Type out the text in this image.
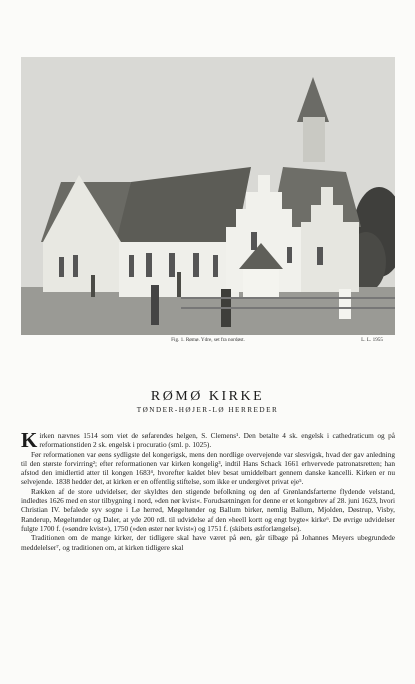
Fig. 1. Rømø. Ydre, set fra nordøst.	L. L. 1955
RØMØ KIRKE
TØNDER-HØJER-LØ HERREDER

Kirken nævnes 1514 som viet de søfarendes helgen, S. Clemens¹. Den betalte 4 sk. engelsk i cathedraticum og på reformationstiden 2 sk. engelsk i procuratio (sml. p. 1025).

Før reformationen var øens sydligste del kongerigsk, mens den nordlige overvejende var slesvigsk, hvad der gav anledning til den største forvirring²; efter reformationen var kirken kongelig³, indtil Hans Schack 1661 erhvervede patronatsretten; han afstod den imidlertid atter til kongen 1683⁴, hvorefter kaldet blev besat umiddelbart gennem danske kancelli. Kirken er nu selvejende. 1838 hedder det, at kirken er en offentlig stiftelse, som ikke er undergivet privat eje⁵.

Rækken af de store udvidelser, der skyldtes den stigende befolkning og den af Grønlandsfarterne flydende velstand, indledtes 1626 med en stor tilbygning i nord, »den nør kvist«. Forudsætningen for denne er et kongebrev af 28. juni 1623, hvori Christian IV. befalede syv sogne i Lø herred, Møgeltønder og Ballum birker, nemlig Ballum, Mjolden, Døstrup, Visby, Randerup, Møgeltønder og Daler, at yde 200 rdl. til udvidelse af den »heell kortt og engt bygte« kirke⁶. De øvrige udvidelser fulgte 1700 f. (»søndre kvist«), 1750 (»den øster nør kvist«) og 1751 f. (skibets østforlængelse).

Traditionen om de mange kirker, der tidligere skal have været på øen, går tilbage på Johannes Meyers ubegrundede meddelelser⁷, og traditionen om, at kirken tidligere skal
